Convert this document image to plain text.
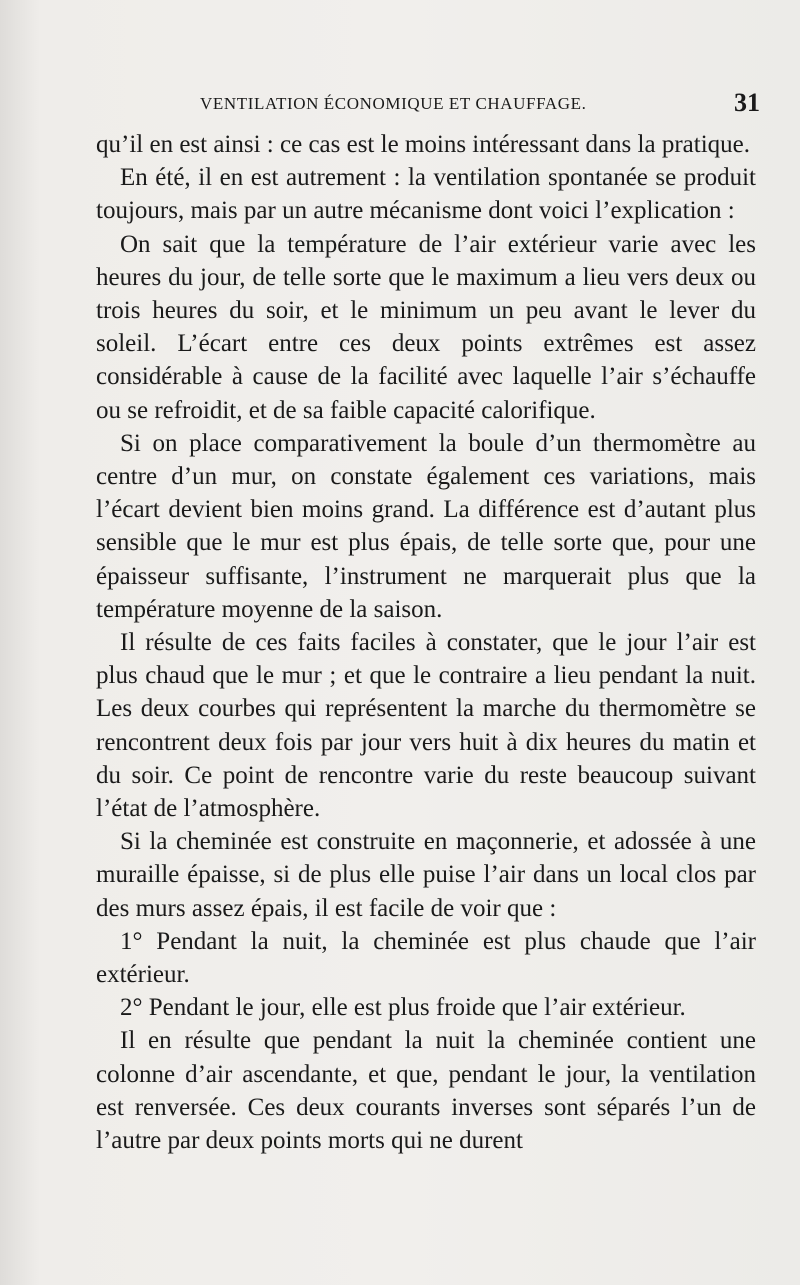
VENTILATION ÉCONOMIQUE ET CHAUFFAGE.	31

qu’il en est ainsi : ce cas est le moins intéressant dans la pratique.

En été, il en est autrement : la ventilation spontanée se produit toujours, mais par un autre mécanisme dont voici l’explication :

On sait que la température de l’air extérieur varie avec les heures du jour, de telle sorte que le maximum a lieu vers deux ou trois heures du soir, et le minimum un peu avant le lever du soleil. L’écart entre ces deux points extrêmes est assez considérable à cause de la facilité avec laquelle l’air s’échauffe ou se refroidit, et de sa faible capacité calorifique.

Si on place comparativement la boule d’un thermomètre au centre d’un mur, on constate également ces variations, mais l’écart devient bien moins grand. La différence est d’autant plus sensible que le mur est plus épais, de telle sorte que, pour une épaisseur suffisante, l’instrument ne marquerait plus que la température moyenne de la saison.

Il résulte de ces faits faciles à constater, que le jour l’air est plus chaud que le mur ; et que le contraire a lieu pendant la nuit. Les deux courbes qui représentent la marche du thermomètre se rencontrent deux fois par jour vers huit à dix heures du matin et du soir. Ce point de rencontre varie du reste beaucoup suivant l’état de l’atmosphère.

Si la cheminée est construite en maçonnerie, et adossée à une muraille épaisse, si de plus elle puise l’air dans un local clos par des murs assez épais, il est facile de voir que :

1° Pendant la nuit, la cheminée est plus chaude que l’air extérieur.

2° Pendant le jour, elle est plus froide que l’air extérieur.

Il en résulte que pendant la nuit la cheminée contient une colonne d’air ascendante, et que, pendant le jour, la ventilation est renversée. Ces deux courants inverses sont séparés l’un de l’autre par deux points morts qui ne durent
